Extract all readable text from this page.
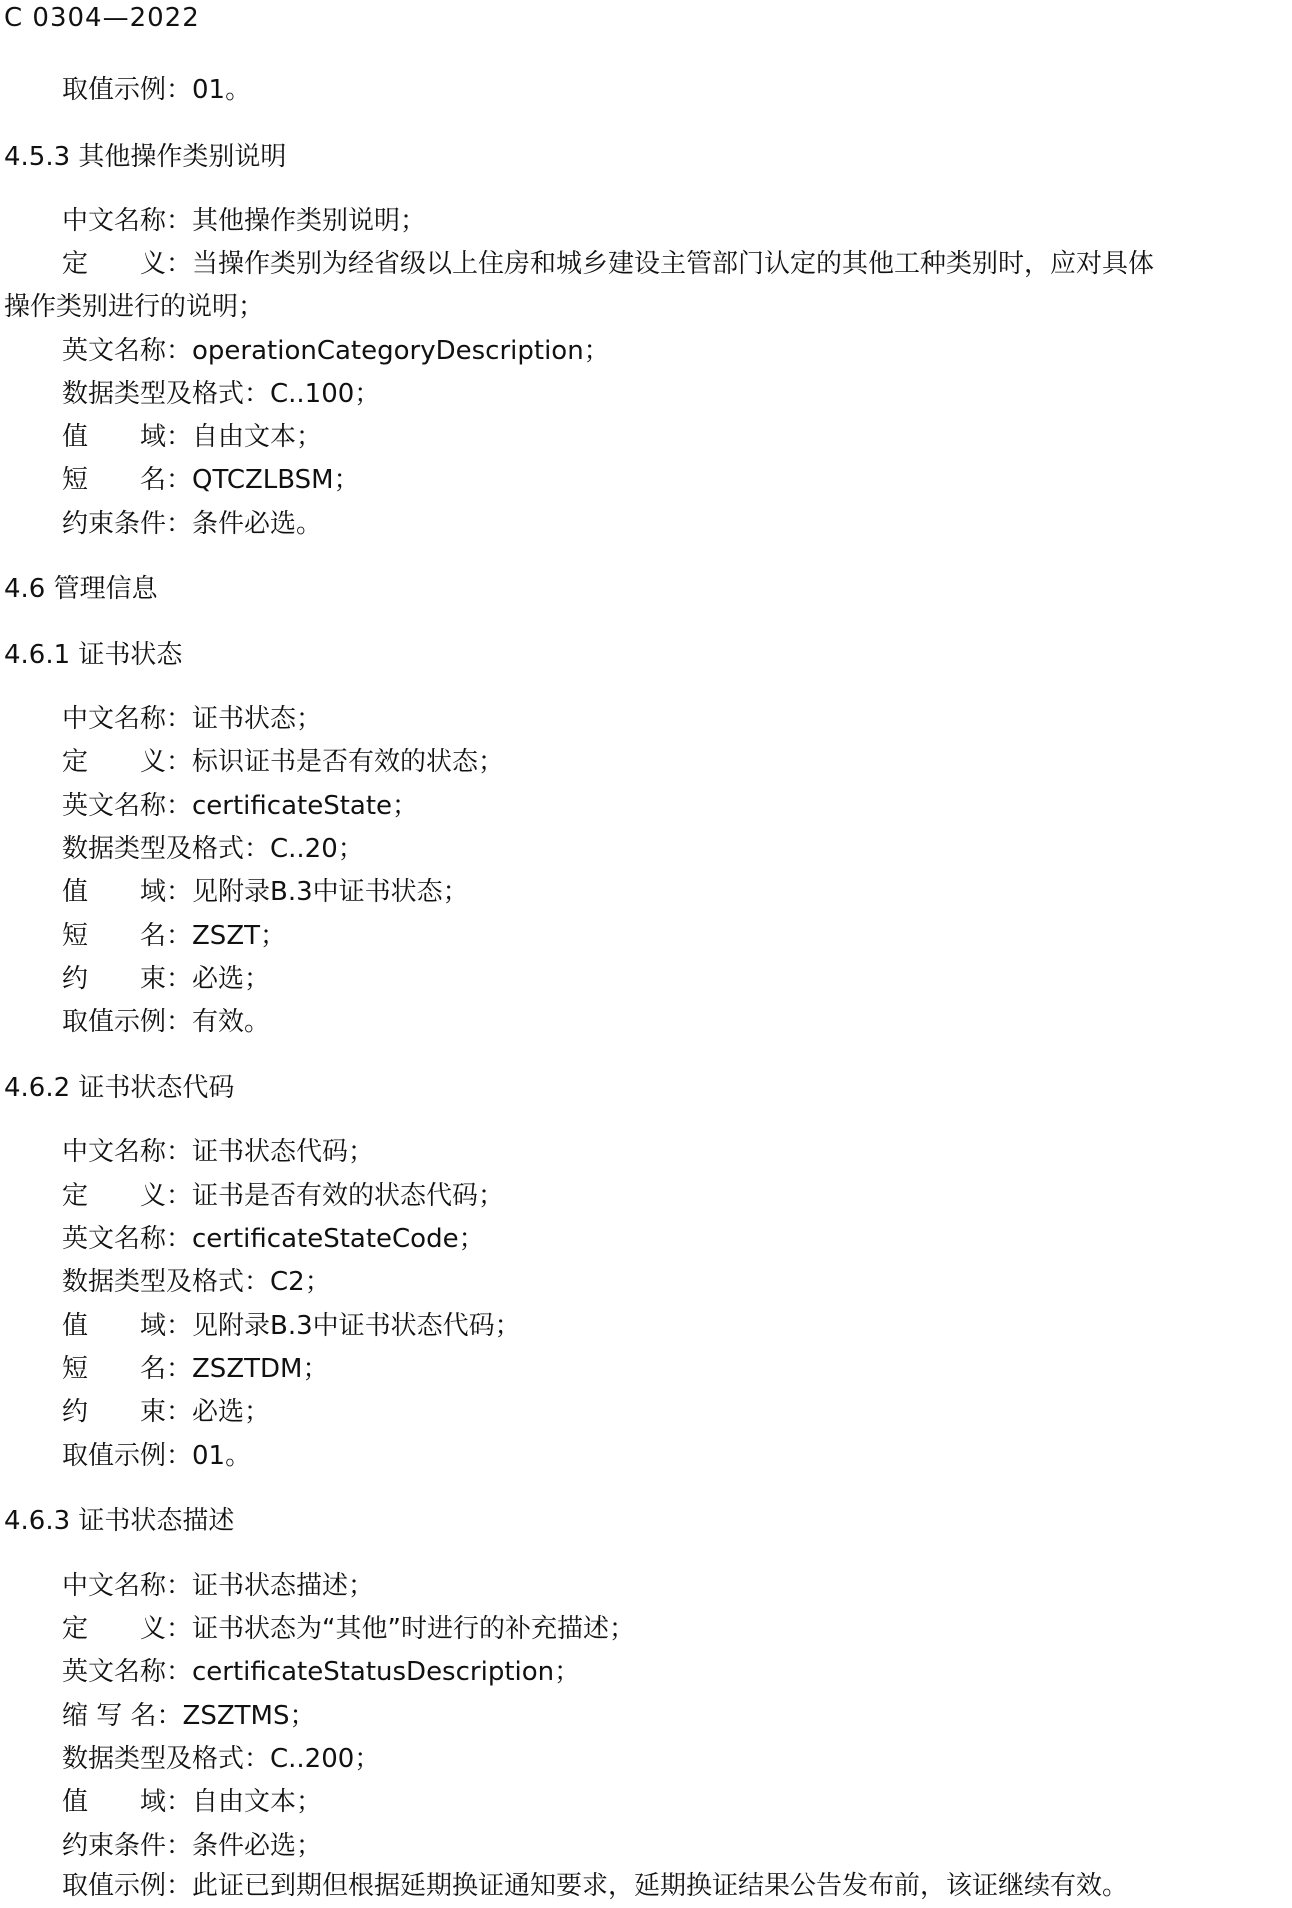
C 0304—2022
取值示例：01。
4.5.3 其他操作类别说明
中文名称：其他操作类别说明；
定　　义：当操作类别为经省级以上住房和城乡建设主管部门认定的其他工种类别时，应对具体
操作类别进行的说明；
英文名称：operationCategoryDescription；
数据类型及格式：C..100；
值　　域：自由文本；
短　　名：QTCZLBSM；
约束条件：条件必选。
4.6 管理信息
4.6.1 证书状态
中文名称：证书状态；
定　　义：标识证书是否有效的状态；
英文名称：certificateState；
数据类型及格式：C..20；
值　　域：见附录B.3中证书状态；
短　　名：ZSZT；
约　　束：必选；
取值示例：有效。
4.6.2 证书状态代码
中文名称：证书状态代码；
定　　义：证书是否有效的状态代码；
英文名称：certificateStateCode；
数据类型及格式：C2；
值　　域：见附录B.3中证书状态代码；
短　　名：ZSZTDM；
约　　束：必选；
取值示例：01。
4.6.3 证书状态描述
中文名称：证书状态描述；
定　　义：证书状态为“其他”时进行的补充描述；
英文名称：certificateStatusDescription；
缩 写 名：ZSZTMS；
数据类型及格式：C..200；
值　　域：自由文本；
约束条件：条件必选；
取值示例：此证已到期但根据延期换证通知要求，延期换证结果公告发布前，该证继续有效。
